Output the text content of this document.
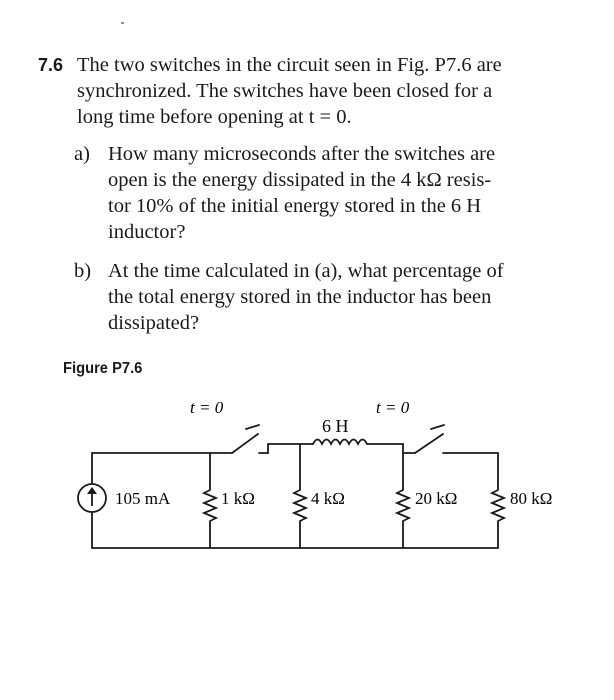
7.6 The two switches in the circuit seen in Fig. P7.6 are
synchronized. The switches have been closed for a
long time before opening at t = 0.
a) How many microseconds after the switches are
open is the energy dissipated in the 4 kΩ resis-
tor 10% of the initial energy stored in the 6 H
inductor?
b) At the time calculated in (a), what percentage of
the total energy stored in the inductor has been
dissipated?
Figure P7.6
t = 0	t = 0
6 H
105 mA	1 kΩ	4 kΩ	20 kΩ	80 kΩ
